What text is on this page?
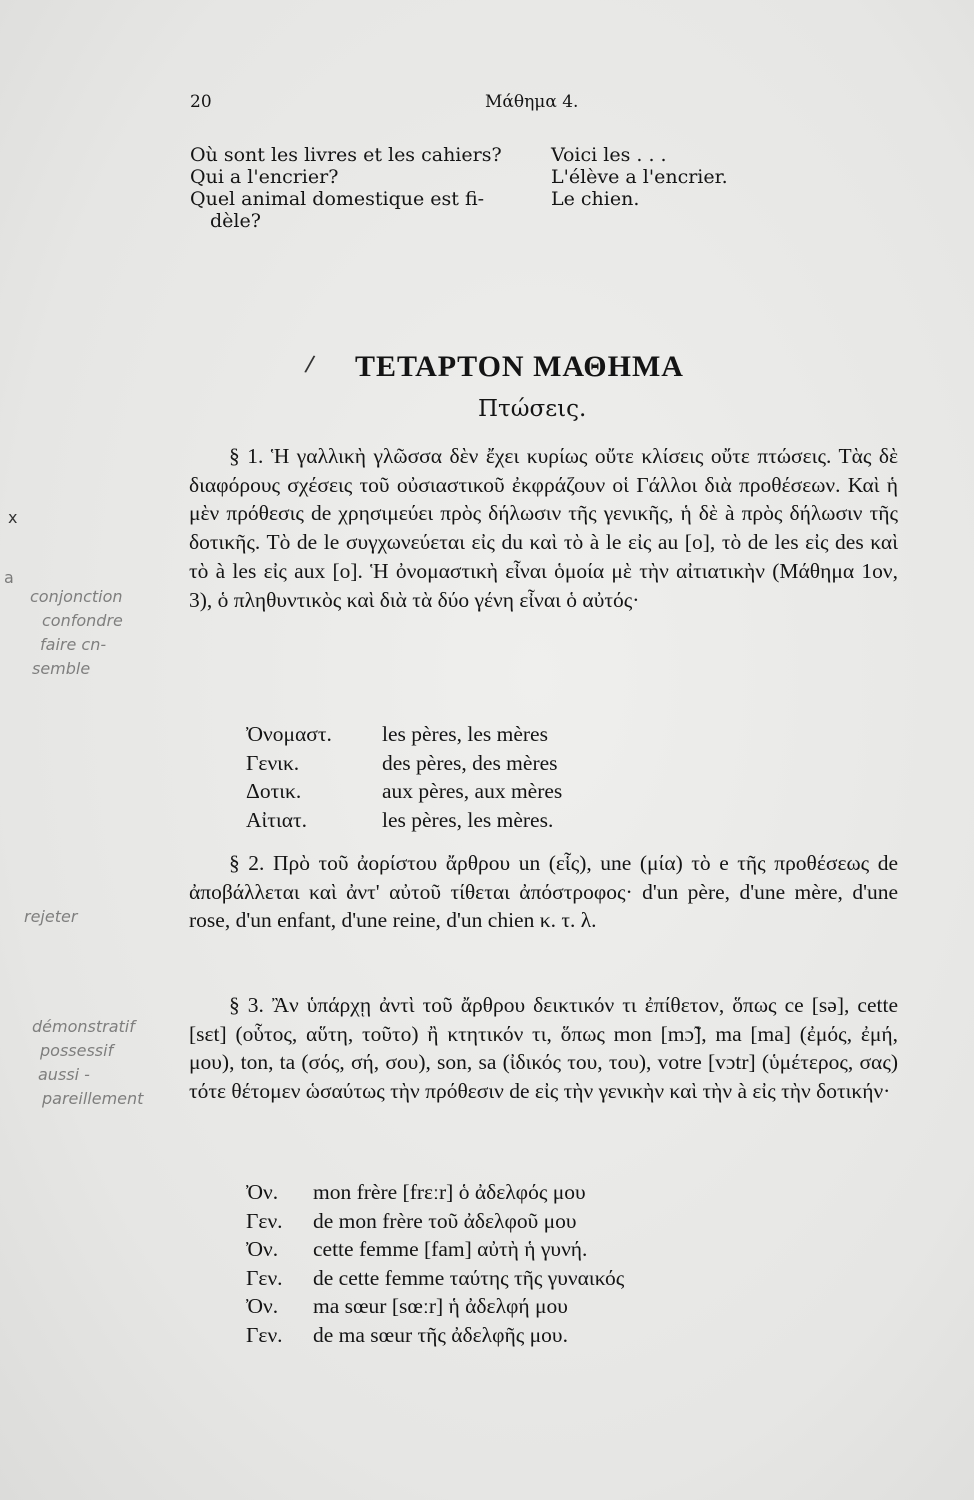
20	Μάθημα 4.
Où sont les livres et les cahiers?	Voici les . . .
Qui a l'encrier?	L'élève a l'encrier.
Quel animal domestique est fi-	Le chien.
dèle?
/ ΤΕΤΑΡΤΟΝ ΜΑΘΗΜΑ
Πτώσεις.

§ 1. Ἡ γαλλικὴ γλῶσσα δὲν ἔχει κυρίως οὔτε κλίσεις οὔτε πτώσεις. Τὰς δὲ διαφόρους σχέσεις τοῦ οὐσιαστικοῦ ἐκφράζουν οἱ Γάλλοι διὰ προθέσεων. Καὶ ἡ μὲν πρόθεσις de χρησιμεύει πρὸς δήλωσιν τῆς γενικῆς, ἡ δὲ à πρὸς δήλωσιν τῆς δοτικῆς. Τὸ de le συγχωνεύεται εἰς du καὶ τὸ à le εἰς au [o], τὸ de les εἰς des καὶ τὸ à les εἰς aux [o]. Ἡ ὀνομαστικὴ εἶναι ὁμοία μὲ τὴν αἰτιατικὴν (Μάθημα 1ον, 3), ὁ πληθυντικὸς καὶ διὰ τὰ δύο γένη εἶναι ὁ αὐτός·

Ὀνομαστ. les pères, les mères
Γενικ.	des pères, des mères
Δοτικ.	aux pères, aux mères
Αἰτιατ.	les pères, les mères.

§ 2. Πρὸ τοῦ ἀορίστου ἄρθρου un (εἷς), une (μία) τὸ e τῆς προθέσεως de ἀποβάλλεται καὶ ἀντ' αὐτοῦ τίθεται ἀπόστροφος· d'un père, d'une mère, d'une rose, d'un enfant, d'une reine, d'un chien κ. τ. λ.

§ 3. Ἂν ὑπάρχῃ ἀντὶ τοῦ ἄρθρου δεικτικόν τι ἐπίθετον, ὅπως ce [sə], cette [sɛt] (οὗτος, αὕτη, τοῦτο) ἢ κτητικόν τι, ὅπως mon [mɔ̃], ma [ma] (ἐμός, ἐμή, μου), ton, ta (σός, σή, σου), son, sa (ἰδικός του, του), votre [vɔtr] (ὑμέτερος, σας) τότε θέτομεν ὡσαύτως τὴν πρόθεσιν de εἰς τὴν γενικὴν καὶ τὴν à εἰς τὴν δοτικήν·

Ὀν. mon frère [frɛːr] ὁ ἀδελφός μου
Γεν. de mon frère τοῦ ἀδελφοῦ μου
Ὀν. cette femme [fam] αὐτὴ ἡ γυνή.
Γεν. de cette femme ταύτης τῆς γυναικός
Ὀν. ma sœur [sœːr] ἡ ἀδελφή μου
Γεν. de ma sœur τῆς ἀδελφῆς μου.
conjonction
confondre
faire cn-
semble
rejeter
démonstratif
possessif
aussi -
pareillement
x
a
